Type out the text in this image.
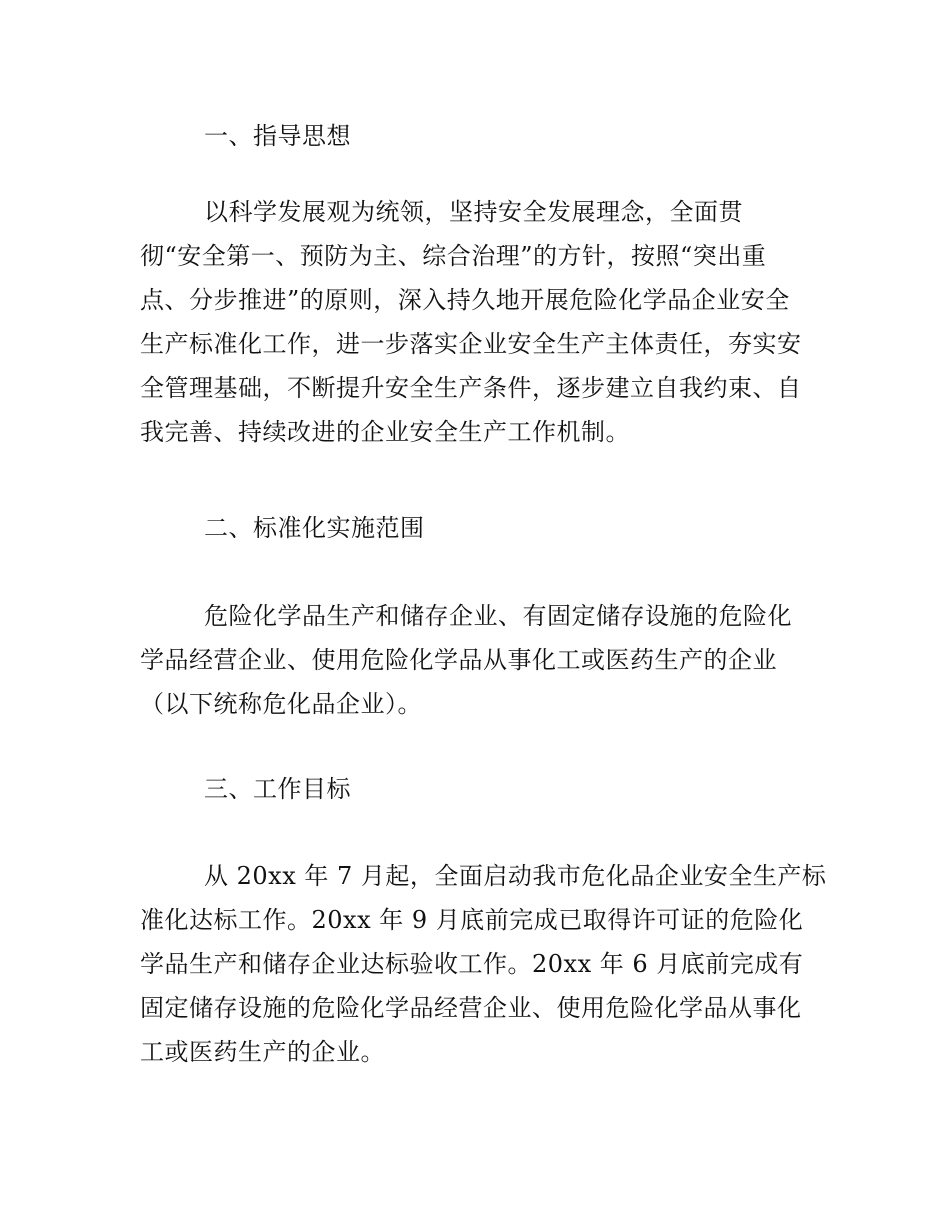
一、指导思想
以科学发展观为统领，坚持安全发展理念，全面贯
彻“安全第一、预防为主、综合治理”的方针，按照“突出重
点、分步推进”的原则，深入持久地开展危险化学品企业安全
生产标准化工作，进一步落实企业安全生产主体责任，夯实安
全管理基础，不断提升安全生产条件，逐步建立自我约束、自
我完善、持续改进的企业安全生产工作机制。
二、标准化实施范围
危险化学品生产和储存企业、有固定储存设施的危险化
学品经营企业、使用危险化学品从事化工或医药生产的企业
（以下统称危化品企业）。
三、工作目标
从 20xx 年 7 月起，全面启动我市危化品企业安全生产标
准化达标工作。20xx 年 9 月底前完成已取得许可证的危险化
学品生产和储存企业达标验收工作。20xx 年 6 月底前完成有
固定储存设施的危险化学品经营企业、使用危险化学品从事化
工或医药生产的企业。
